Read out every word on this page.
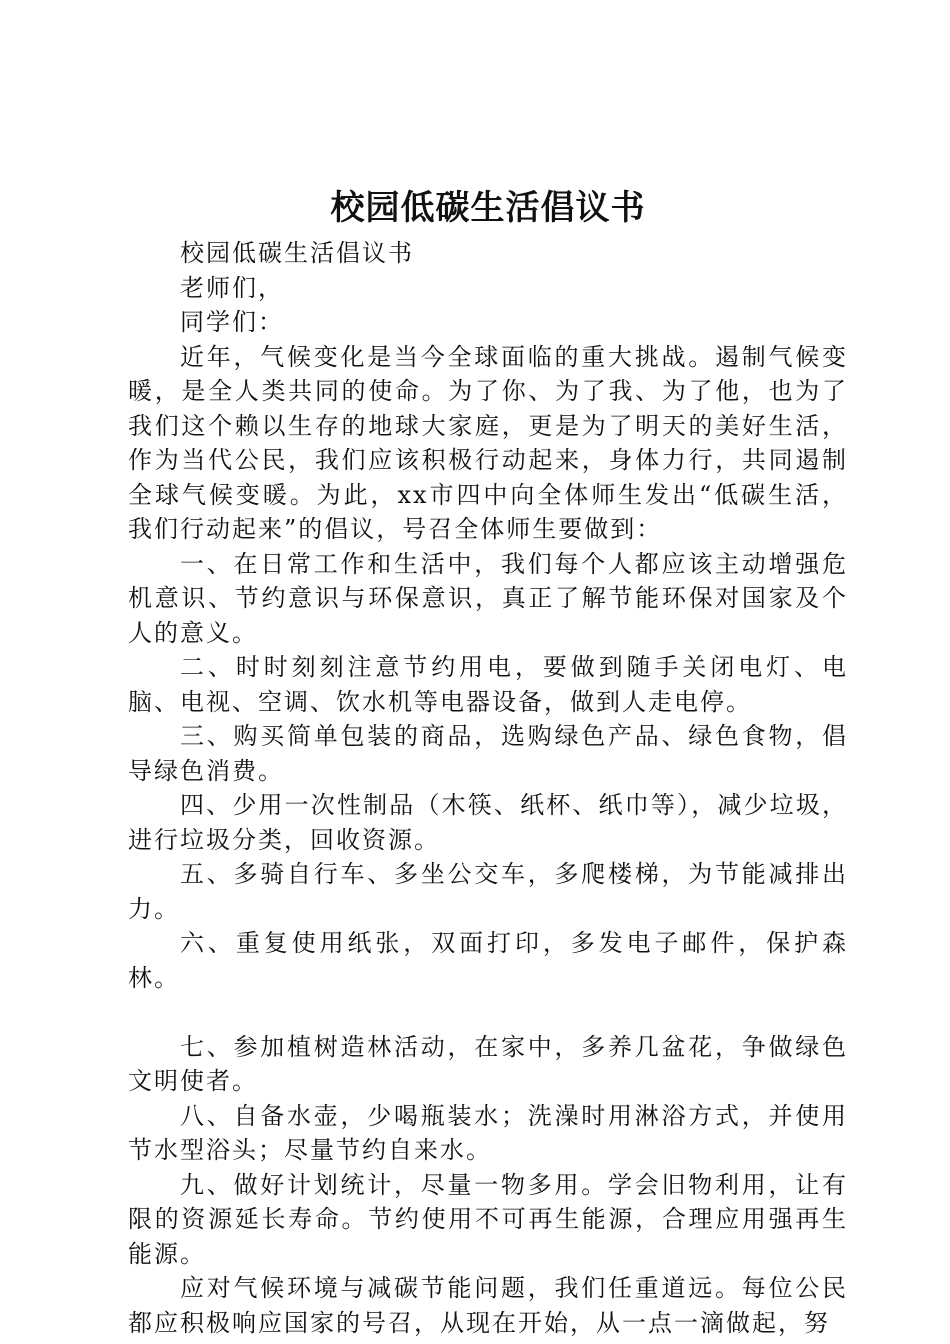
校园低碳生活倡议书

校园低碳生活倡议书

老师们，

同学们：

近年，气候变化是当今全球面临的重大挑战。遏制气候变暖，是全人类共同的使命。为了你、为了我、为了他，也为了我们这个赖以生存的地球大家庭，更是为了明天的美好生活，作为当代公民，我们应该积极行动起来，身体力行，共同遏制全球气候变暖。为此，xx市四中向全体师生发出“低碳生活，我们行动起来”的倡议，号召全体师生要做到：

一、在日常工作和生活中，我们每个人都应该主动增强危机意识、节约意识与环保意识，真正了解节能环保对国家及个人的意义。

二、时时刻刻注意节约用电，要做到随手关闭电灯、电脑、电视、空调、饮水机等电器设备，做到人走电停。

三、购买简单包装的商品，选购绿色产品、绿色食物，倡导绿色消费。

四、少用一次性制品（木筷、纸杯、纸巾等），减少垃圾，进行垃圾分类，回收资源。

五、多骑自行车、多坐公交车，多爬楼梯，为节能减排出力。

六、重复使用纸张，双面打印，多发电子邮件，保护森林。

七、参加植树造林活动，在家中，多养几盆花，争做绿色文明使者。

八、自备水壶，少喝瓶装水；洗澡时用淋浴方式，并使用节水型浴头；尽量节约自来水。

九、做好计划统计，尽量一物多用。学会旧物利用，让有限的资源延长寿命。节约使用不可再生能源，合理应用强再生能源。

应对气候环境与减碳节能问题，我们任重道远。每位公民都应积极响应国家的号召，从现在开始，从一点一滴做起，努
